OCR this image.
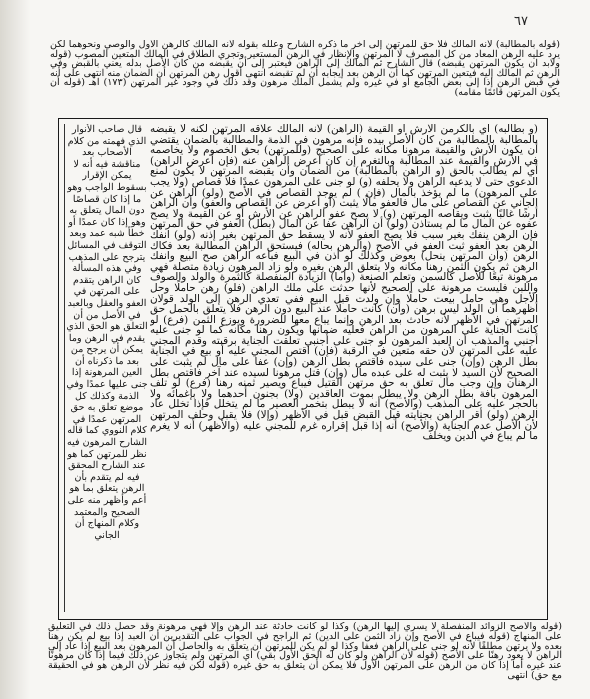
٦٧
(قوله بالمطالبة) لأنه المالك فلا حق للمرتهن إلى آخر ما ذكره الشارح وعلله بقوله لأنه المالك كالرهن الأول والوصي ونحوهما لكن يرد عليه الرهن المعاد من كل المصرف لا المرتهن والإنظار في الرهن المستعير وتجري الطلاق في المالك المتعين المصوب (قوله ولابد ان يكون المرتهن يقبضه) قال الشارح ثم المالك إلى الراهن فيعتبر إلى أن يقبضه من كان الأصل بدله يعني بالقبض وفي الرهن ثم المالك إليه فيتعين المرتهن كما أن الرهن بعد إيجابه أن لم تقبضه انتهى أقول رهن المرتهن أن الضمان منه انتهى على أنه في قبض الرهن إذا إلى بعض الجامع أو في غيره ولم يشمل الملك مرهون وقد ذلك في وجود غير المرتهن (١٧٣) اهـ (قوله أن يكون المرتهن قائمًا مقامه)
(و بطالبه) أي بالكرمن الأرش أو القيمة (الراهن) لأنه المالك علاقه المرتهن لكنه لا يقبضه بالمطالبة بالمطالبة من كان الأصل بيده فإنه مرهون في الذمة والمطالبة بالضمان يقتضي أن يكون الأرش والقيمة مرهونا مكانه على الصحيح (وللمرتهن) بحق الخصوم ولا يخاصمه في الأرش والقيمة عند المطالبة وبالتغرم إن كان أعرض الراهن عنه (فإن أعرض الراهن) أي لم يطالب بالحق (و الراهن بالمطالبة) من الضمان وأن يقبضه المرتهن لا يكون لمنع الدعوى حتى لا يدعيه الراهن ولا يحلفه (و) لو جنى على المرهون عمدًا فلا قصاص (ولا يجب على المرهون) ما لم يؤخذ بالمال (فإن ) لم يوجد القصاص في الأصح (ولو) الراهن عن الجاني عن القصاص على مال فالعفو مالًا يثبت (أو أعرض عن القصاص والعفو) وأن الراهن أرشًا غالبًا يثبت ويقاصه المرتهن (و) لا يصح عفو الراهن عن الأرش أو عن القيمة ولا يصح عفوه عن المال ما لم يستأذن (ولو) أن الراهن عفا عن المال (بطل) العفو في حق المرتهن فإن الرهن ينفك بغير سبب فلا يصح العفو لأنه لا يسقط حق المرتهن بغير إذنه (ولو) انفك الرهن بعد العفو ثبت العفو في الأصح (والرهن بحاله) فيستحق الراهن المطالبة بعد فكاك الرهن (وأن المرتهن ينحل) بعوض وكذلك لو أذن في البيع فباعه الراهن صح البيع وانفك الرهن ثم يكون الثمن رهنا مكانه ولا يتعلق الرهن بغيره ولو زاد المرهون زيادة متصلة فهي مرهونة تبعًا للأصل كالسمن وتعلم الصنعة (وأما) الزيادة المنفصلة كالثمرة والولد والصوف واللبن فليست مرهونة على الصحيح لأنها حدثت على ملك الراهن (فلو) رهن حاملًا وحل الأجل وهي حامل بيعت حاملًا وإن ولدت قبل البيع ففي تعدي الرهن إلى الولد قولان أظهرهما أن الولد ليس برهن (وأن) كانت حاملًا عند البيع دون الرهن فلا يتعلق بالحمل حق المرتهن في الأظهر لأنه حادث بعد الرهن وإنما يباع معها للضرورة ويوزع الثمن (فرع) لو كانت الجناية على المرهون من الراهن فعليه ضمانها ويكون رهنا مكانه كما لو جنى عليه أجنبي والمذهب أن العبد المرهون لو جنى على أجنبي تعلقت الجناية برقبته وقدم المجني عليه على المرتهن لأن حقه متعين في الرقبة (فإن) اقتص المجني عليه أو بيع في الجناية بطل الرهن (وإن) جنى على سيده فاقتص بطل الرهن (وإن) عفا على مال لم يثبت على الصحيح لأن السيد لا يثبت له على عبده مال (وإن) قتل مرهونا لسيده عند آخر فاقتص بطل الرهنان وإن وجب مال تعلق به حق مرتهن القتيل فيباع ويصير ثمنه رهنا (فرع) لو تلف المرهون بآفة بطل الرهن ولا يبطل بموت العاقدين (ولا) بجنون أحدهما ولا بإغمائه ولا بالحجر عليه على المذهب (والأصح) أنه لا يبطل بتخمر العصير ما لم يتخلل فإذا تخلل عاد الرهن (ولو) أقر الراهن بجنايته قبل القبض قبل في الأظهر (وإلا) فلا يقبل وحلف المرتهن لأن الأصل عدم الجناية (والأصح) أنه إذا قبل إقراره غرم للمجني عليه (والأظهر) أنه لا يغرم ما لم يباع في الدين ويخلف
قال صاحب الأنوار الذي فهمته من كلام الأصحاب بعد مناقشة فيه أنه لا يمكن الإقرار بسقوط الواجب وهو ما إذا كان قصاصًا دون المال يتعلق به وهو إذا كان عمدًا أو خطأ شبه عمد وبعد التوقف في المسائل يترجح على المذهب وفي هذه المسألة كان الراهن يتقدم على المرتهن في العفو والعقل وبالعبد في الأصل من أن التعلق هو الحق الذي يقدم في الرهن وما يمكن أن يرجح من بعد ما ذكرناه أن العين المرهونة إذا جنى عليها عمدًا وفي الذمة وكذلك كل موضع تعلق به حق المرتهن عمدًا في كلام النووي كما قاله الشارح المرهون فيه نظر للمرتهن كما هو عند الشارح المحقق فيه لم يتقدم بأن الرهن يتعلق بما هو أعم وأظهر منه على الصحيح والمعتمد وكلام المنهاج أن الجاني
(قوله والأصح الزوائد المنفصلة لا يسري إليها الرهن) وكذا لو كانت حادثة عند الرهن وإلا فهي مرهونة وقد حصل ذلك في التعليق على المنهاج (قوله فيباع في الأصح وإن زاد الثمن على الدين) ثم الراجح في الجواب على التقديرين أن العبد إذا بيع لم يكن رهنا بعده ولا يرتهن مطلقًا لأنه لو جنى على الراهن فعفا وكذا لو لم يكن للمرتهن أن يتعلق به والحاصل أن المرهون بعد البيع إذا عاد إلى الراهن لا يعود رهنًا على الأصح (قوله لأن الراهن ولو كان له الحق الأول بقي) أي المرتهن ولم يتجاوز عن ذلك فيما إذا كان مرهونًا عند غيره أما إذا كان من الرهن على المرتهن الأول فلا يمكن أن يتعلق به حق غيره (قوله لكن فيه نظر لأن الرهن هو في الحقيقة مع حق) انتهى
